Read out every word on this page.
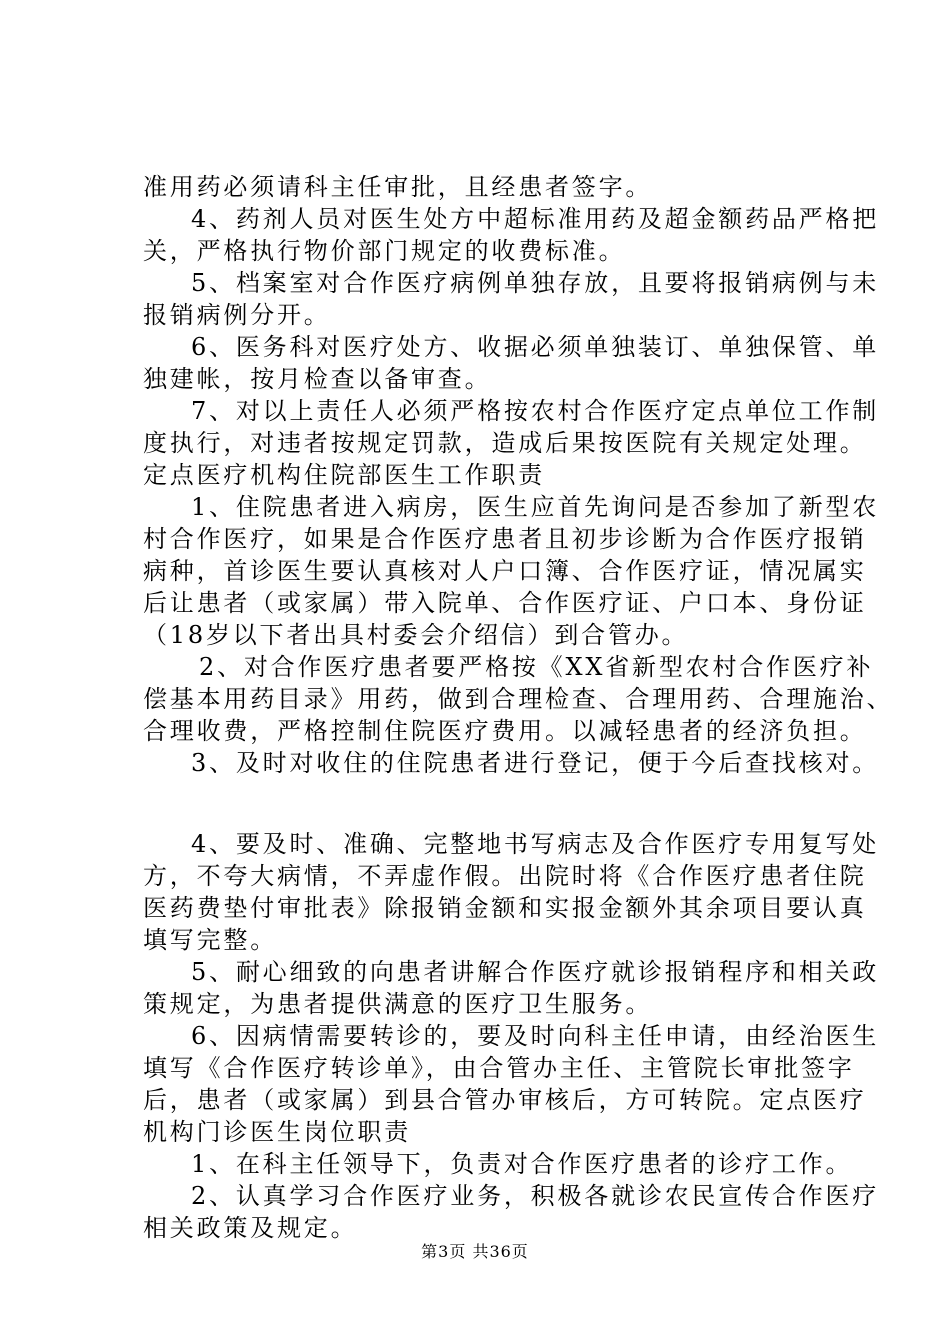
准用药必须请科主任审批，且经患者签字。
4、药剂人员对医生处方中超标准用药及超金额药品严格把
关，严格执行物价部门规定的收费标准。
5、档案室对合作医疗病例单独存放，且要将报销病例与未
报销病例分开。
6、医务科对医疗处方、收据必须单独装订、单独保管、单
独建帐，按月检查以备审查。
7、对以上责任人必须严格按农村合作医疗定点单位工作制
度执行，对违者按规定罚款，造成后果按医院有关规定处理。
定点医疗机构住院部医生工作职责
1、住院患者进入病房，医生应首先询问是否参加了新型农
村合作医疗，如果是合作医疗患者且初步诊断为合作医疗报销
病种，首诊医生要认真核对人户口簿、合作医疗证，情况属实
后让患者（或家属）带入院单、合作医疗证、户口本、身份证
（18岁以下者出具村委会介绍信）到合管办。
2、对合作医疗患者要严格按《XX省新型农村合作医疗补
偿基本用药目录》用药，做到合理检查、合理用药、合理施治、
合理收费，严格控制住院医疗费用。以减轻患者的经济负担。
3、及时对收住的住院患者进行登记，便于今后查找核对。
4、要及时、准确、完整地书写病志及合作医疗专用复写处
方，不夸大病情，不弄虚作假。出院时将《合作医疗患者住院
医药费垫付审批表》除报销金额和实报金额外其余项目要认真
填写完整。
5、耐心细致的向患者讲解合作医疗就诊报销程序和相关政
策规定，为患者提供满意的医疗卫生服务。
6、因病情需要转诊的，要及时向科主任申请，由经治医生
填写《合作医疗转诊单》，由合管办主任、主管院长审批签字
后，患者（或家属）到县合管办审核后，方可转院。定点医疗
机构门诊医生岗位职责
1、在科主任领导下，负责对合作医疗患者的诊疗工作。
2、认真学习合作医疗业务，积极各就诊农民宣传合作医疗
相关政策及规定。
第3页 共36页
